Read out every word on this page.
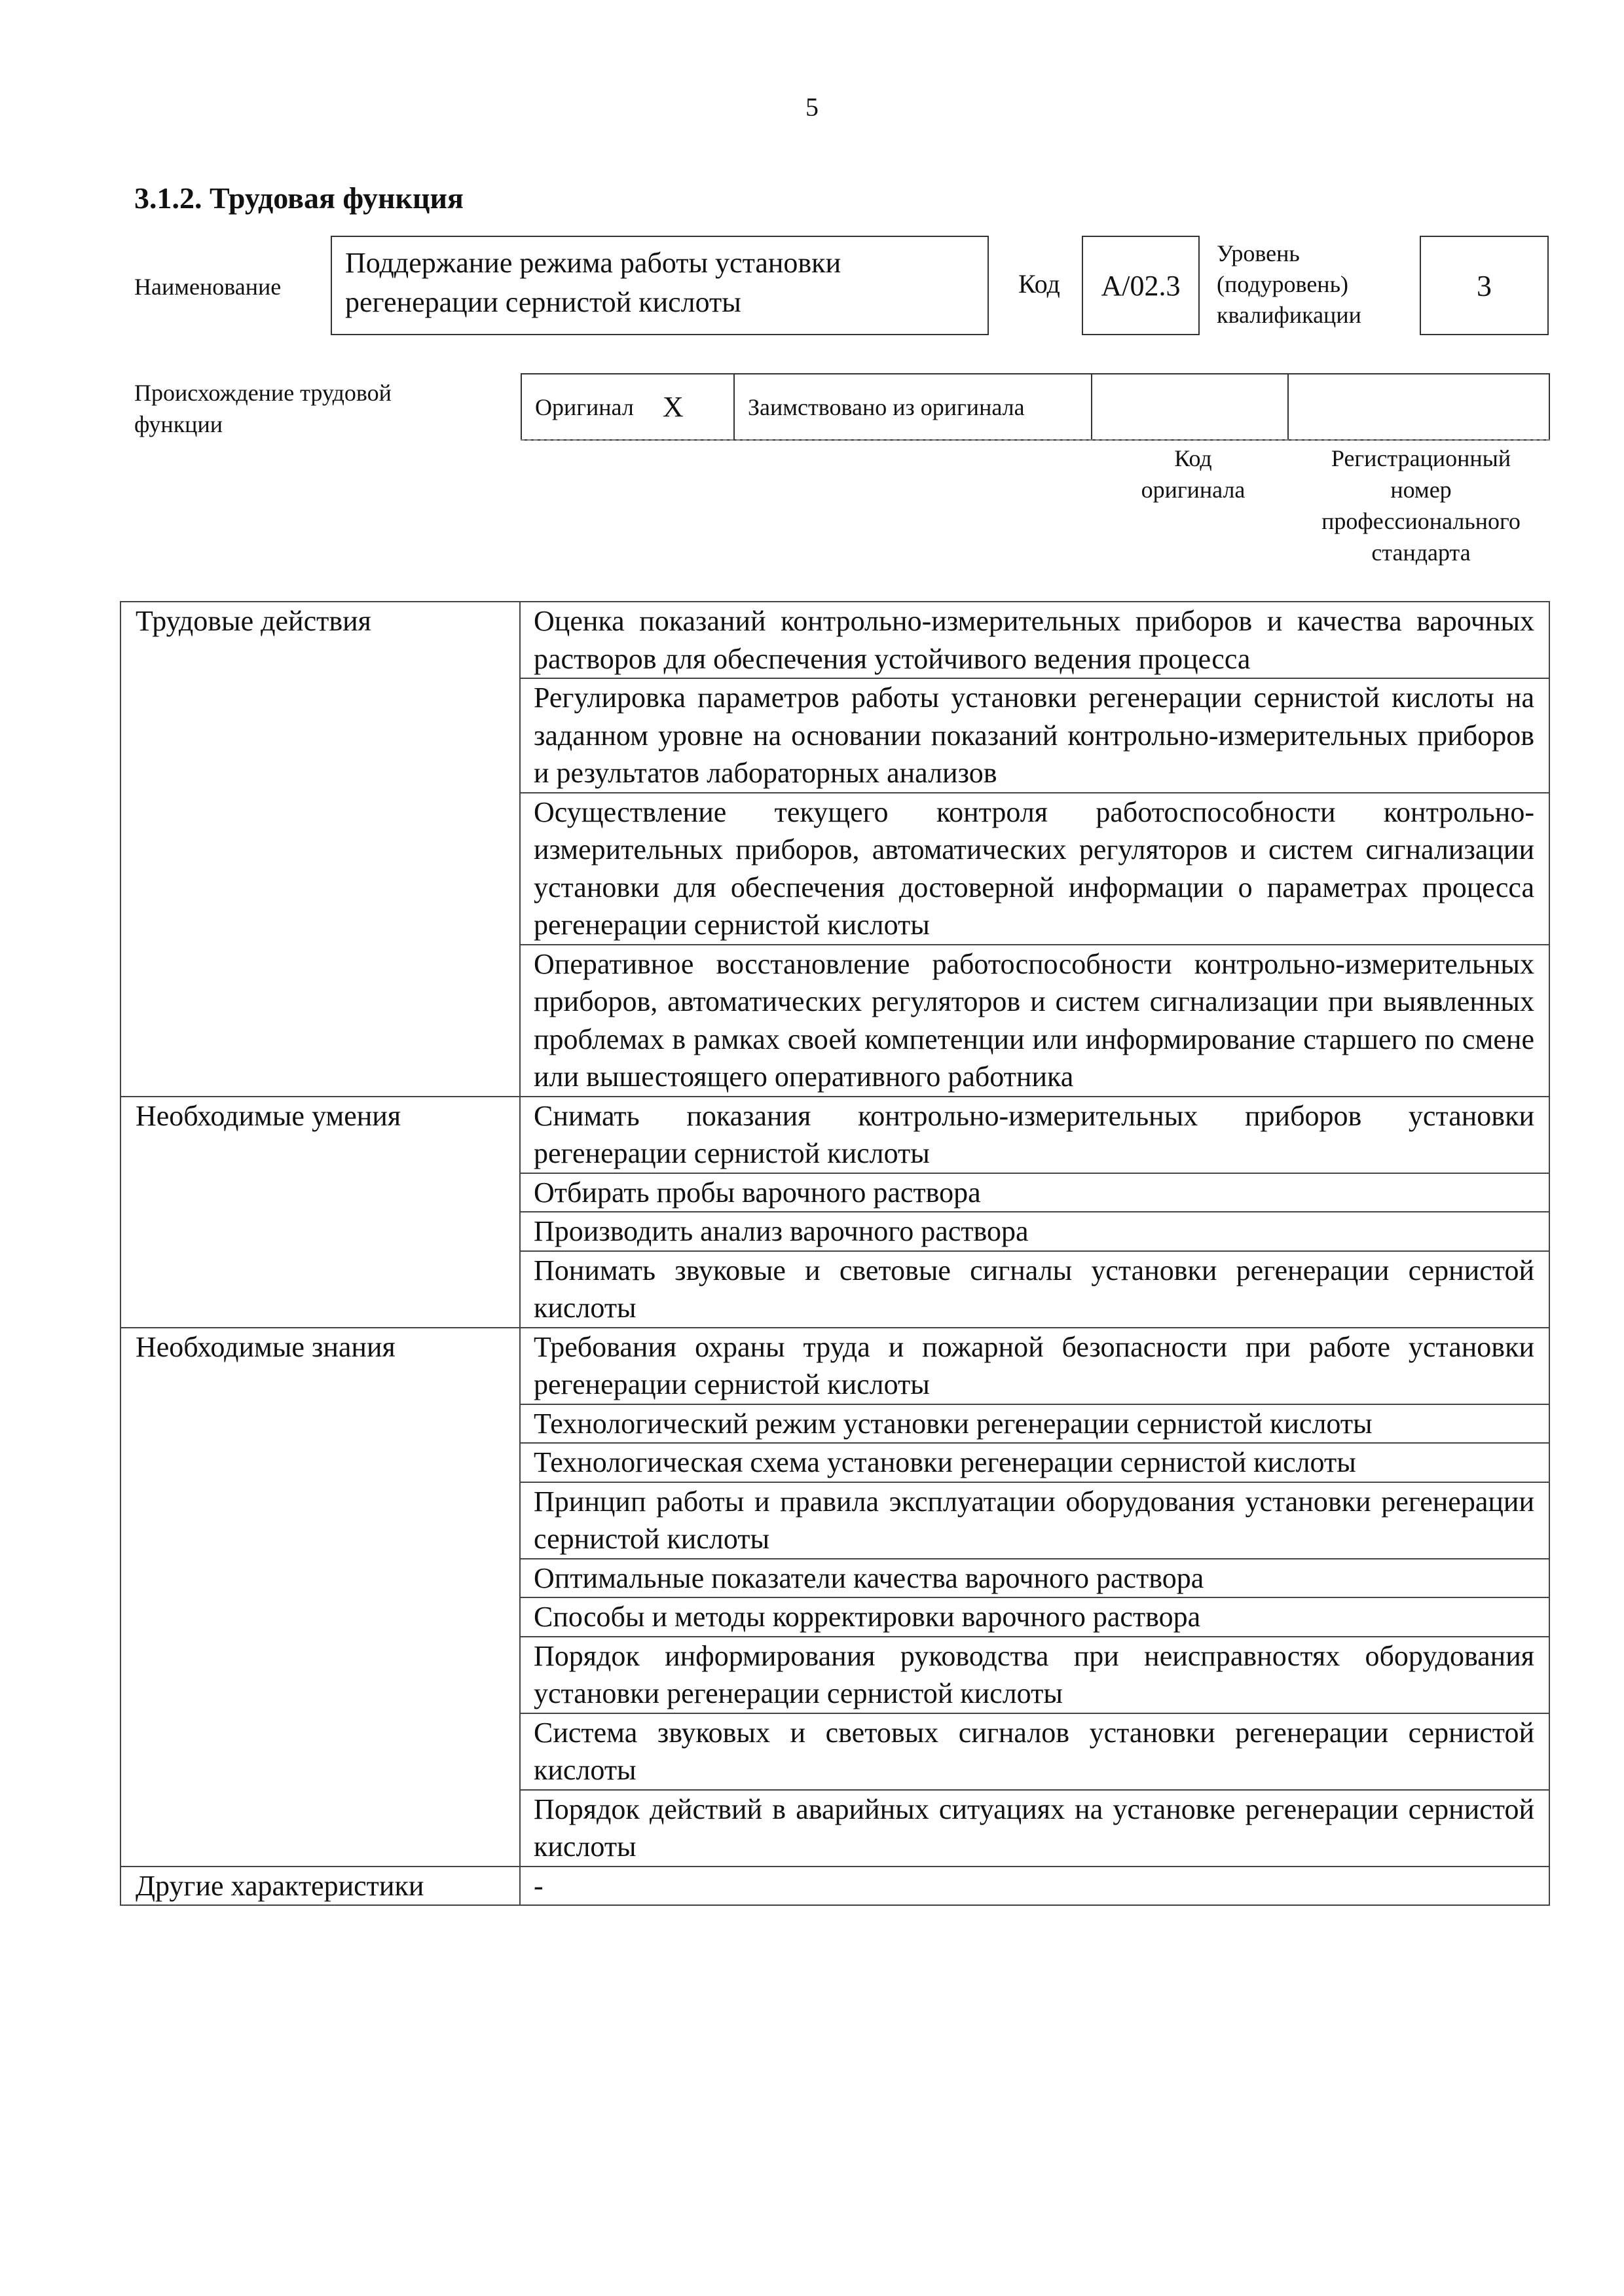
5
3.1.2. Трудовая функция
Наименование
Поддержание режима работы установки регенерации сернистой кислоты
Код	А/02.3
Уровень
(подуровень)
квалификации
3
Происхождение трудовой
функции
Оригинал X	Заимствовано из оригинала
Код
оригинала
Регистрационный
номер
профессионального
стандарта
Трудовые действия	Оценка показаний контрольно-измерительных приборов и качества варочных растворов для обеспечения устойчивого ведения процесса
	Регулировка параметров работы установки регенерации сернистой кислоты на заданном уровне на основании показаний контрольно-измерительных приборов и результатов лабораторных анализов
	Осуществление текущего контроля работоспособности контрольно-измерительных приборов, автоматических регуляторов и систем сигнализации установки для обеспечения достоверной информации о параметрах процесса регенерации сернистой кислоты
	Оперативное восстановление работоспособности контрольно-измерительных приборов, автоматических регуляторов и систем сигнализации при выявленных проблемах в рамках своей компетенции или информирование старшего по смене или вышестоящего оперативного работника
Необходимые умения	Снимать показания контрольно-измерительных приборов установки регенерации сернистой кислоты
	Отбирать пробы варочного раствора
	Производить анализ варочного раствора
	Понимать звуковые и световые сигналы установки регенерации сернистой кислоты
Необходимые знания	Требования охраны труда и пожарной безопасности при работе установки регенерации сернистой кислоты
	Технологический режим установки регенерации сернистой кислоты
	Технологическая схема установки регенерации сернистой кислоты
	Принцип работы и правила эксплуатации оборудования установки регенерации сернистой кислоты
	Оптимальные показатели качества варочного раствора
	Способы и методы корректировки варочного раствора
	Порядок информирования руководства при неисправностях оборудования установки регенерации сернистой кислоты
	Система звуковых и световых сигналов установки регенерации сернистой кислоты
	Порядок действий в аварийных ситуациях на установке регенерации сернистой кислоты
Другие характеристики	-
